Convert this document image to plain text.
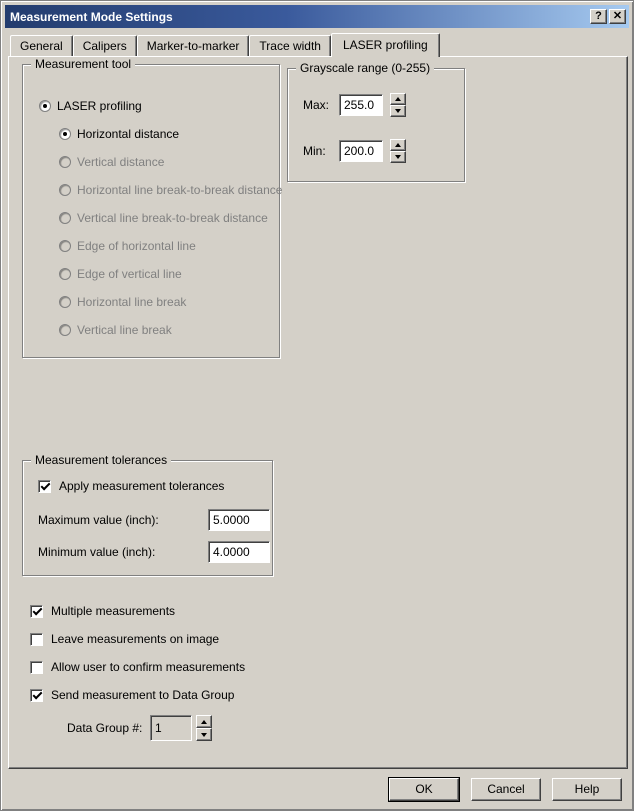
Measurement Mode Settings	?	✕
General	Calipers	Marker-to-marker	Trace width	LASER profiling
Measurement tool
LASER profiling
Horizontal distance
Vertical distance
Horizontal line break-to-break distance
Vertical line break-to-break distance
Edge of horizontal line
Edge of vertical line
Horizontal line break
Vertical line break
Grayscale range (0-255)
Max:
255.0
Min:
200.0
Measurement tolerances
Apply measurement tolerances
Maximum value (inch):
5.0000
Minimum value (inch):
4.0000
Multiple measurements
Leave measurements on image
Allow user to confirm measurements
Send measurement to Data Group
Data Group #:
1
OK	Cancel	Help
